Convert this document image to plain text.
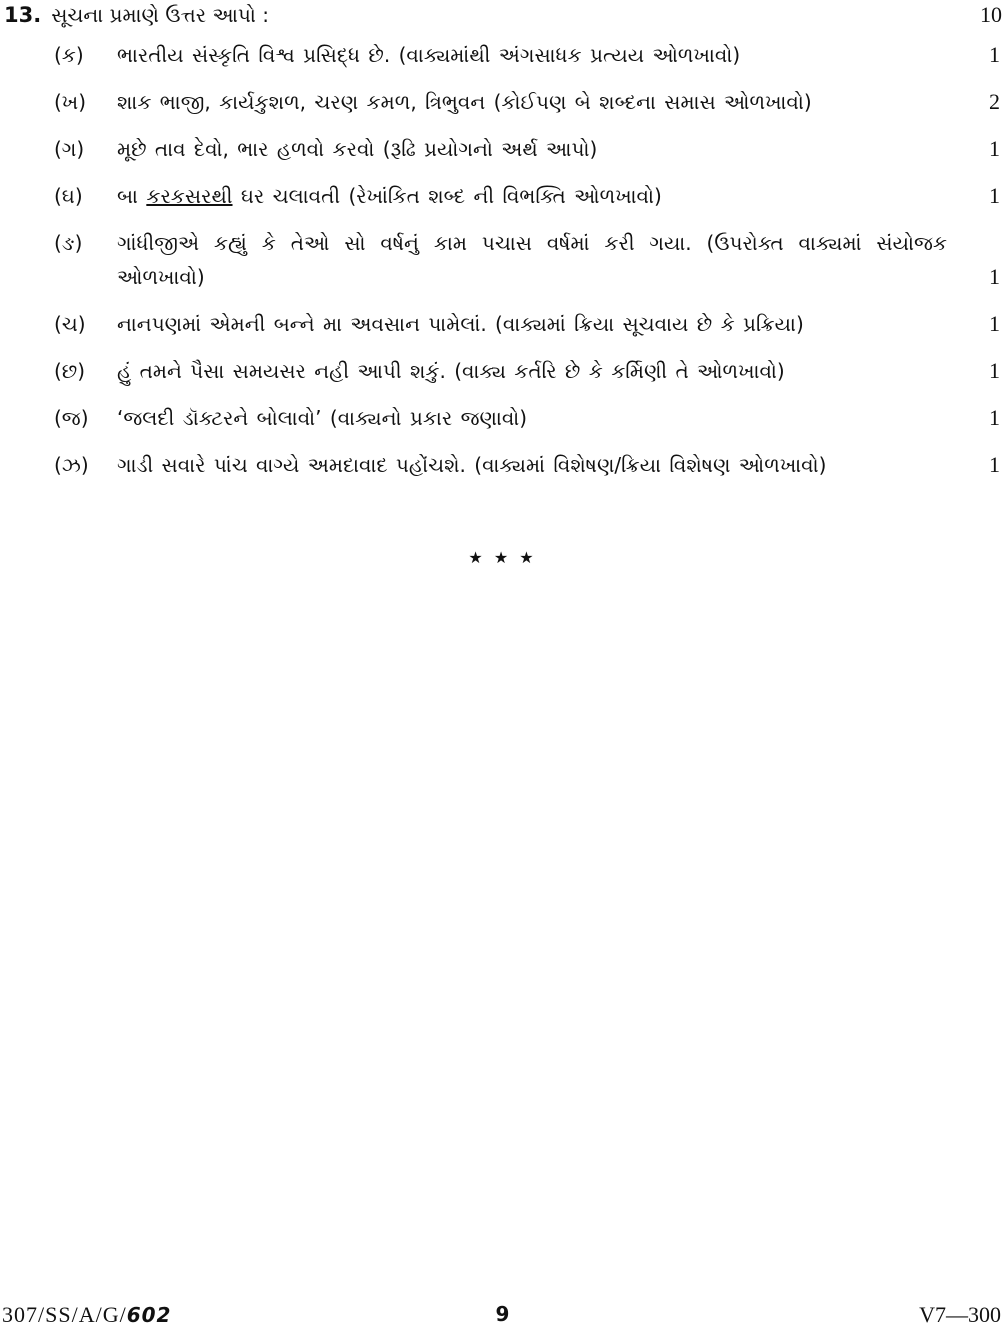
13. સૂચના પ્રમાણે ઉત્તર આપો :	10
(ક)	ભારતીય સંસ્કૃતિ વિશ્વ પ્રસિદ્ધ છે. (વાક્યમાંથી અંગસાધક પ્રત્યય ઓળખાવો)	1
(ખ)	શાક ભાજી, કાર્યકુશળ, ચરણ કમળ, ત્રિભુવન (કોઈપણ બે શબ્દના સમાસ ઓળખાવો)	2
(ગ)	મૂછે તાવ દેવો, ભાર હળવો કરવો (રૂઢિ પ્રયોગનો અર્થ આપો)	1
(ઘ)	બા કરકસરથી ઘર ચલાવતી (રેખાંકિત શબ્દ ની વિભક્તિ ઓળખાવો)	1
(ઙ)	ગાંધીજીએ કહ્યું કે તેઓ સો વર્ષનું કામ પચાસ વર્ષમાં કરી ગયા. (ઉપરોક્ત વાક્યમાં સંયોજક ઓળખાવો)	1
(ચ)	નાનપણમાં એમની બન્ને મા અવસાન પામેલાં. (વાક્યમાં ક્રિયા સૂચવાય છે કે પ્રક્રિયા)	1
(છ)	હું તમને પૈસા સમયસર નહી આપી શકું. (વાક્ય કર્તરિ છે કે કર્મિણી તે ઓળખાવો)	1
(જ)	‘જલદી ડૉક્ટરને બોલાવો’ (વાક્યનો પ્રકાર જણાવો)	1
(ઝ)	ગાડી સવારે પાંચ વાગ્યે અમદાવાદ પહોંચશે. (વાક્યમાં વિશેષણ/ક્રિયા વિશેષણ ઓળખાવો)	1
★ ★ ★
307/SS/A/G/602	9	V7—300
